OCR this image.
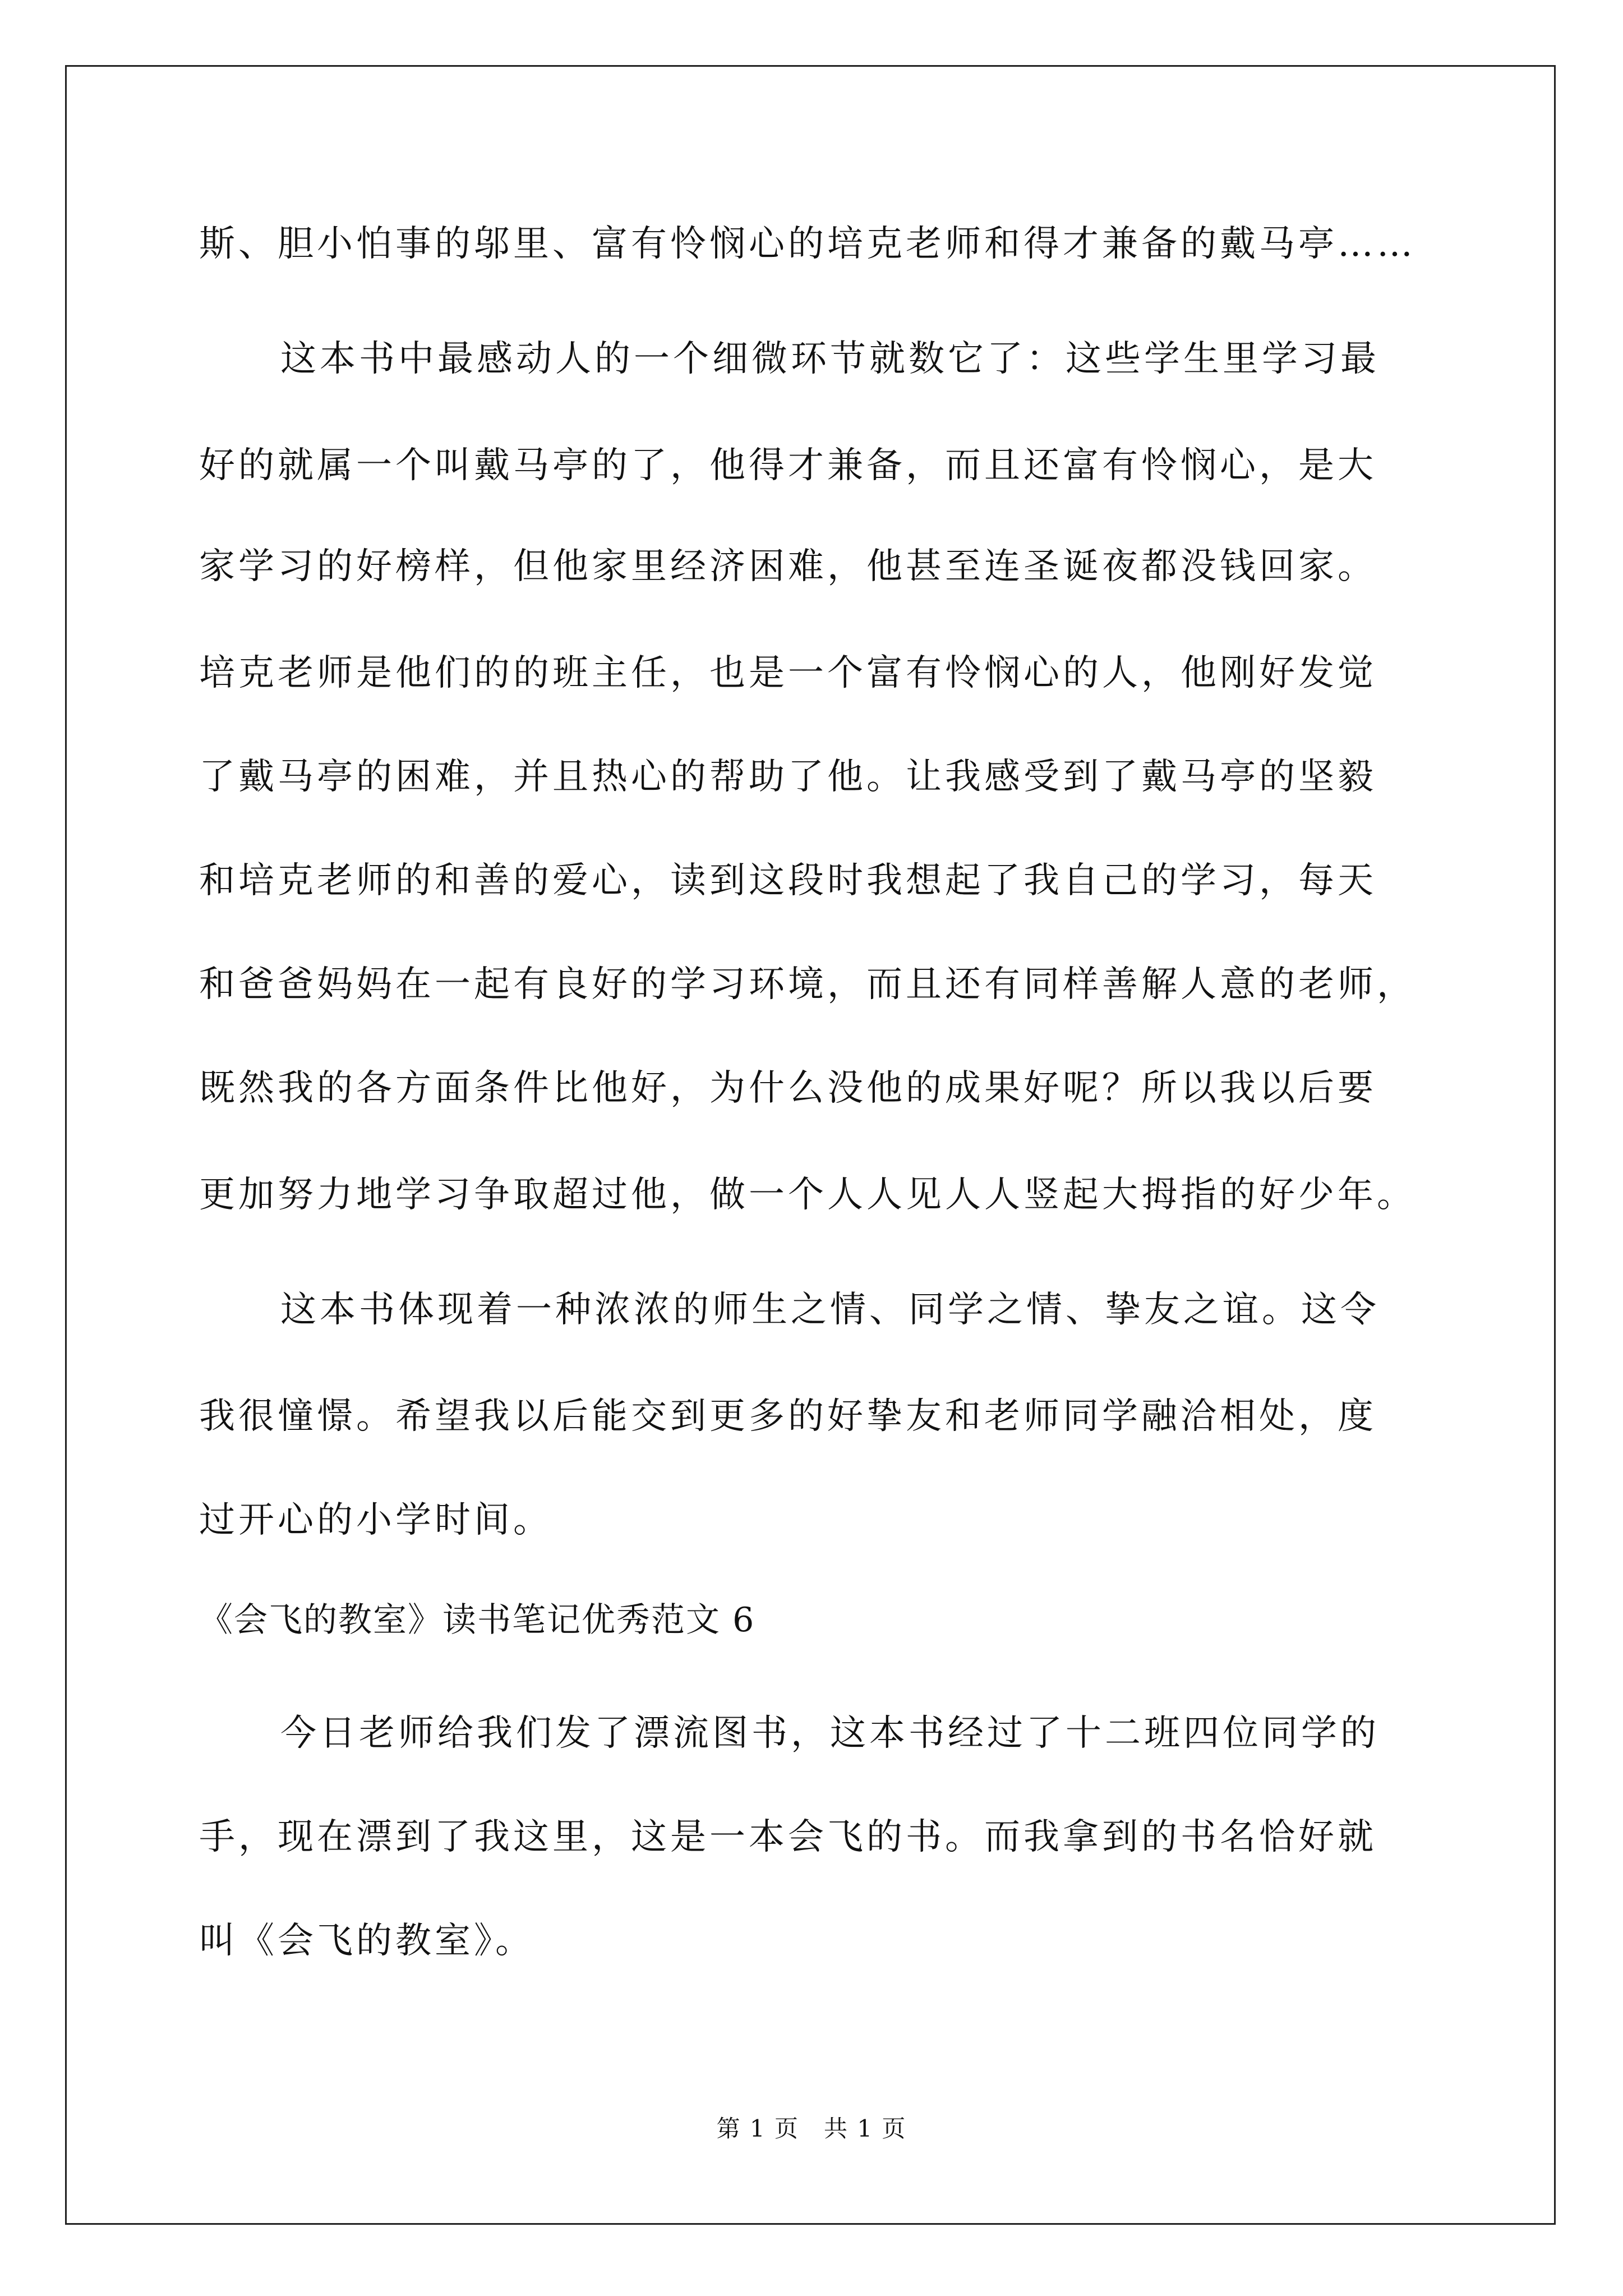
斯、胆小怕事的邬里、富有怜悯心的培克老师和得才兼备的戴马亭……
这本书中最感动人的一个细微环节就数它了：这些学生里学习最
好的就属一个叫戴马亭的了，他得才兼备，而且还富有怜悯心，是大
家学习的好榜样，但他家里经济困难，他甚至连圣诞夜都没钱回家。
培克老师是他们的的班主任，也是一个富有怜悯心的人，他刚好发觉
了戴马亭的困难，并且热心的帮助了他。让我感受到了戴马亭的坚毅
和培克老师的和善的爱心，读到这段时我想起了我自己的学习，每天
和爸爸妈妈在一起有良好的学习环境，而且还有同样善解人意的老师，
既然我的各方面条件比他好，为什么没他的成果好呢？所以我以后要
更加努力地学习争取超过他，做一个人人见人人竖起大拇指的好少年。
这本书体现着一种浓浓的师生之情、同学之情、挚友之谊。这令
我很憧憬。希望我以后能交到更多的好挚友和老师同学融洽相处，度
过开心的小学时间。
《会飞的教室》读书笔记优秀范文 6
今日老师给我们发了漂流图书，这本书经过了十二班四位同学的
手，现在漂到了我这里，这是一本会飞的书。而我拿到的书名恰好就
叫《会飞的教室》。
第 1 页　共 1 页
